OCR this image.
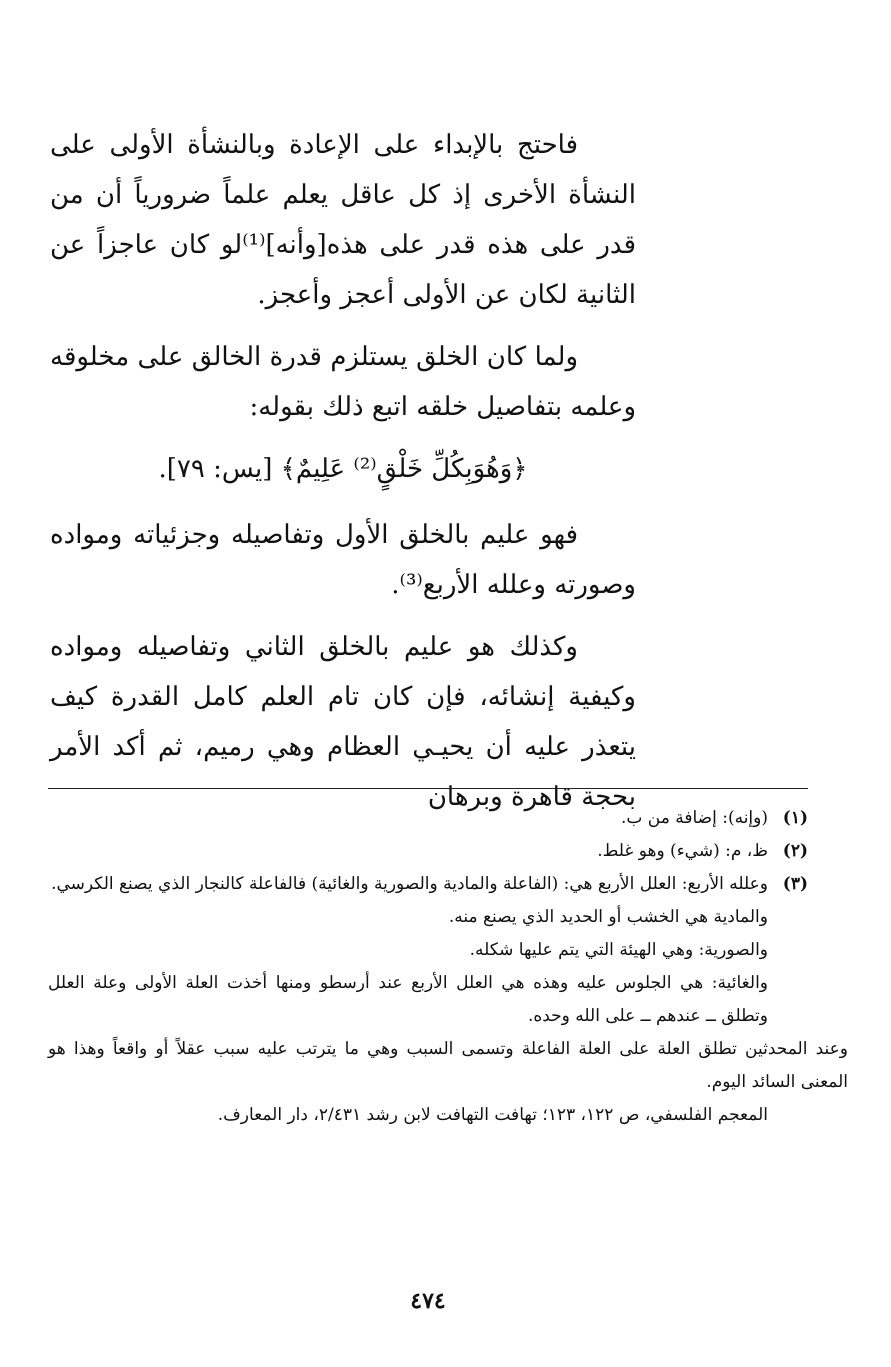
فاحتج بالإبداء على الإعادة وبالنشأة الأولى على النشأة الأخرى إذ كل عاقل يعلم علماً ضرورياً أن من قدر على هذه قدر على هذه[وأنه]⁽¹⁾لو كان عاجزاً عن الثانية لكان عن الأولى أعجز وأعجز.

ولما كان الخلق يستلزم قدرة الخالق على مخلوقه وعلمه بتفاصيل خلقه اتبع ذلك بقوله:

﴿وَهُوَبِكُلِّ خَلْقٍ⁽²⁾ عَلِيمٌ﴾ [يس: ٧٩].

فهو عليم بالخلق الأول وتفاصيله وجزئياته ومواده وصورته وعلله الأربع⁽³⁾.

وكذلك هو عليم بالخلق الثاني وتفاصيله ومواده وكيفية إنشائه، فإن كان تام العلم كامل القدرة كيف يتعذر عليه أن يحيـي العظام وهي رميم، ثم أكد الأمر بحجة قاهرة وبرهان

(١)
(وإنه): إضافة من ب.
(٢)
ظ، م: (شيء) وهو غلط.
(٣)
وعلله الأربع: العلل الأربع هي: (الفاعلة والمادية والصورية والغائية) فالفاعلة كالنجار الذي يصنع الكرسي.

والمادية هي الخشب أو الحديد الذي يصنع منه.

والصورية: وهي الهيئة التي يتم عليها شكله.

والغائية: هي الجلوس عليه وهذه هي العلل الأربع عند أرسطو ومنها أخذت العلة الأولى وعلة العلل وتطلق ــ عندهم ــ على الله وحده.

وعند المحدثين تطلق العلة على العلة الفاعلة وتسمى السبب وهي ما يترتب عليه سبب عقلاً أو واقعاً وهذا هو المعنى السائد اليوم.

المعجم الفلسفي، ص ١٢٢، ١٢٣؛ تهافت التهافت لابن رشد ٢/٤٣١، دار المعارف.

٤٧٤
